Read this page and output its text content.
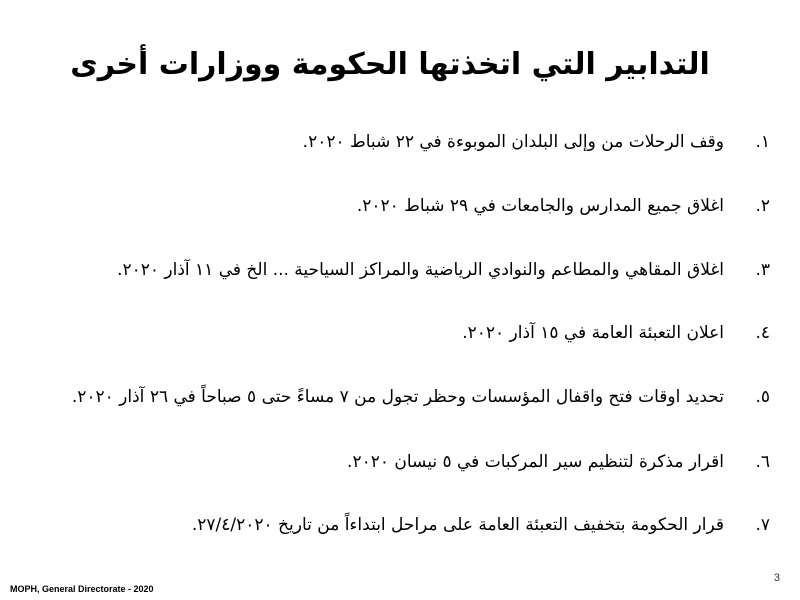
التدابير التي اتخذتها الحكومة ووزارات أخرى
١.وقف الرحلات من وإلى البلدان الموبوءة في ٢٢ شباط ٢٠٢٠.
٢.اغلاق جميع المدارس والجامعات في ٢٩ شباط ٢٠٢٠.
٣.اغلاق المقاهي والمطاعم والنوادي الرياضية والمراكز السياحية ... الخ في ١١ آذار ٢٠٢٠.
٤.اعلان التعبئة العامة في ١٥ آذار ٢٠٢٠.
٥.تحديد اوقات فتح واقفال المؤسسات وحظر تجول من ٧ مساءً حتى ٥ صباحاً في ٢٦ آذار ٢٠٢٠.
٦.اقرار مذكرة لتنظيم سير المركبات في ٥ نيسان ٢٠٢٠.
٧.قرار الحكومة بتخفيف التعبئة العامة على مراحل ابتداءاً من تاريخ ٢٧/٤/٢٠٢٠.
MOPH, General Directorate - 2020
3
